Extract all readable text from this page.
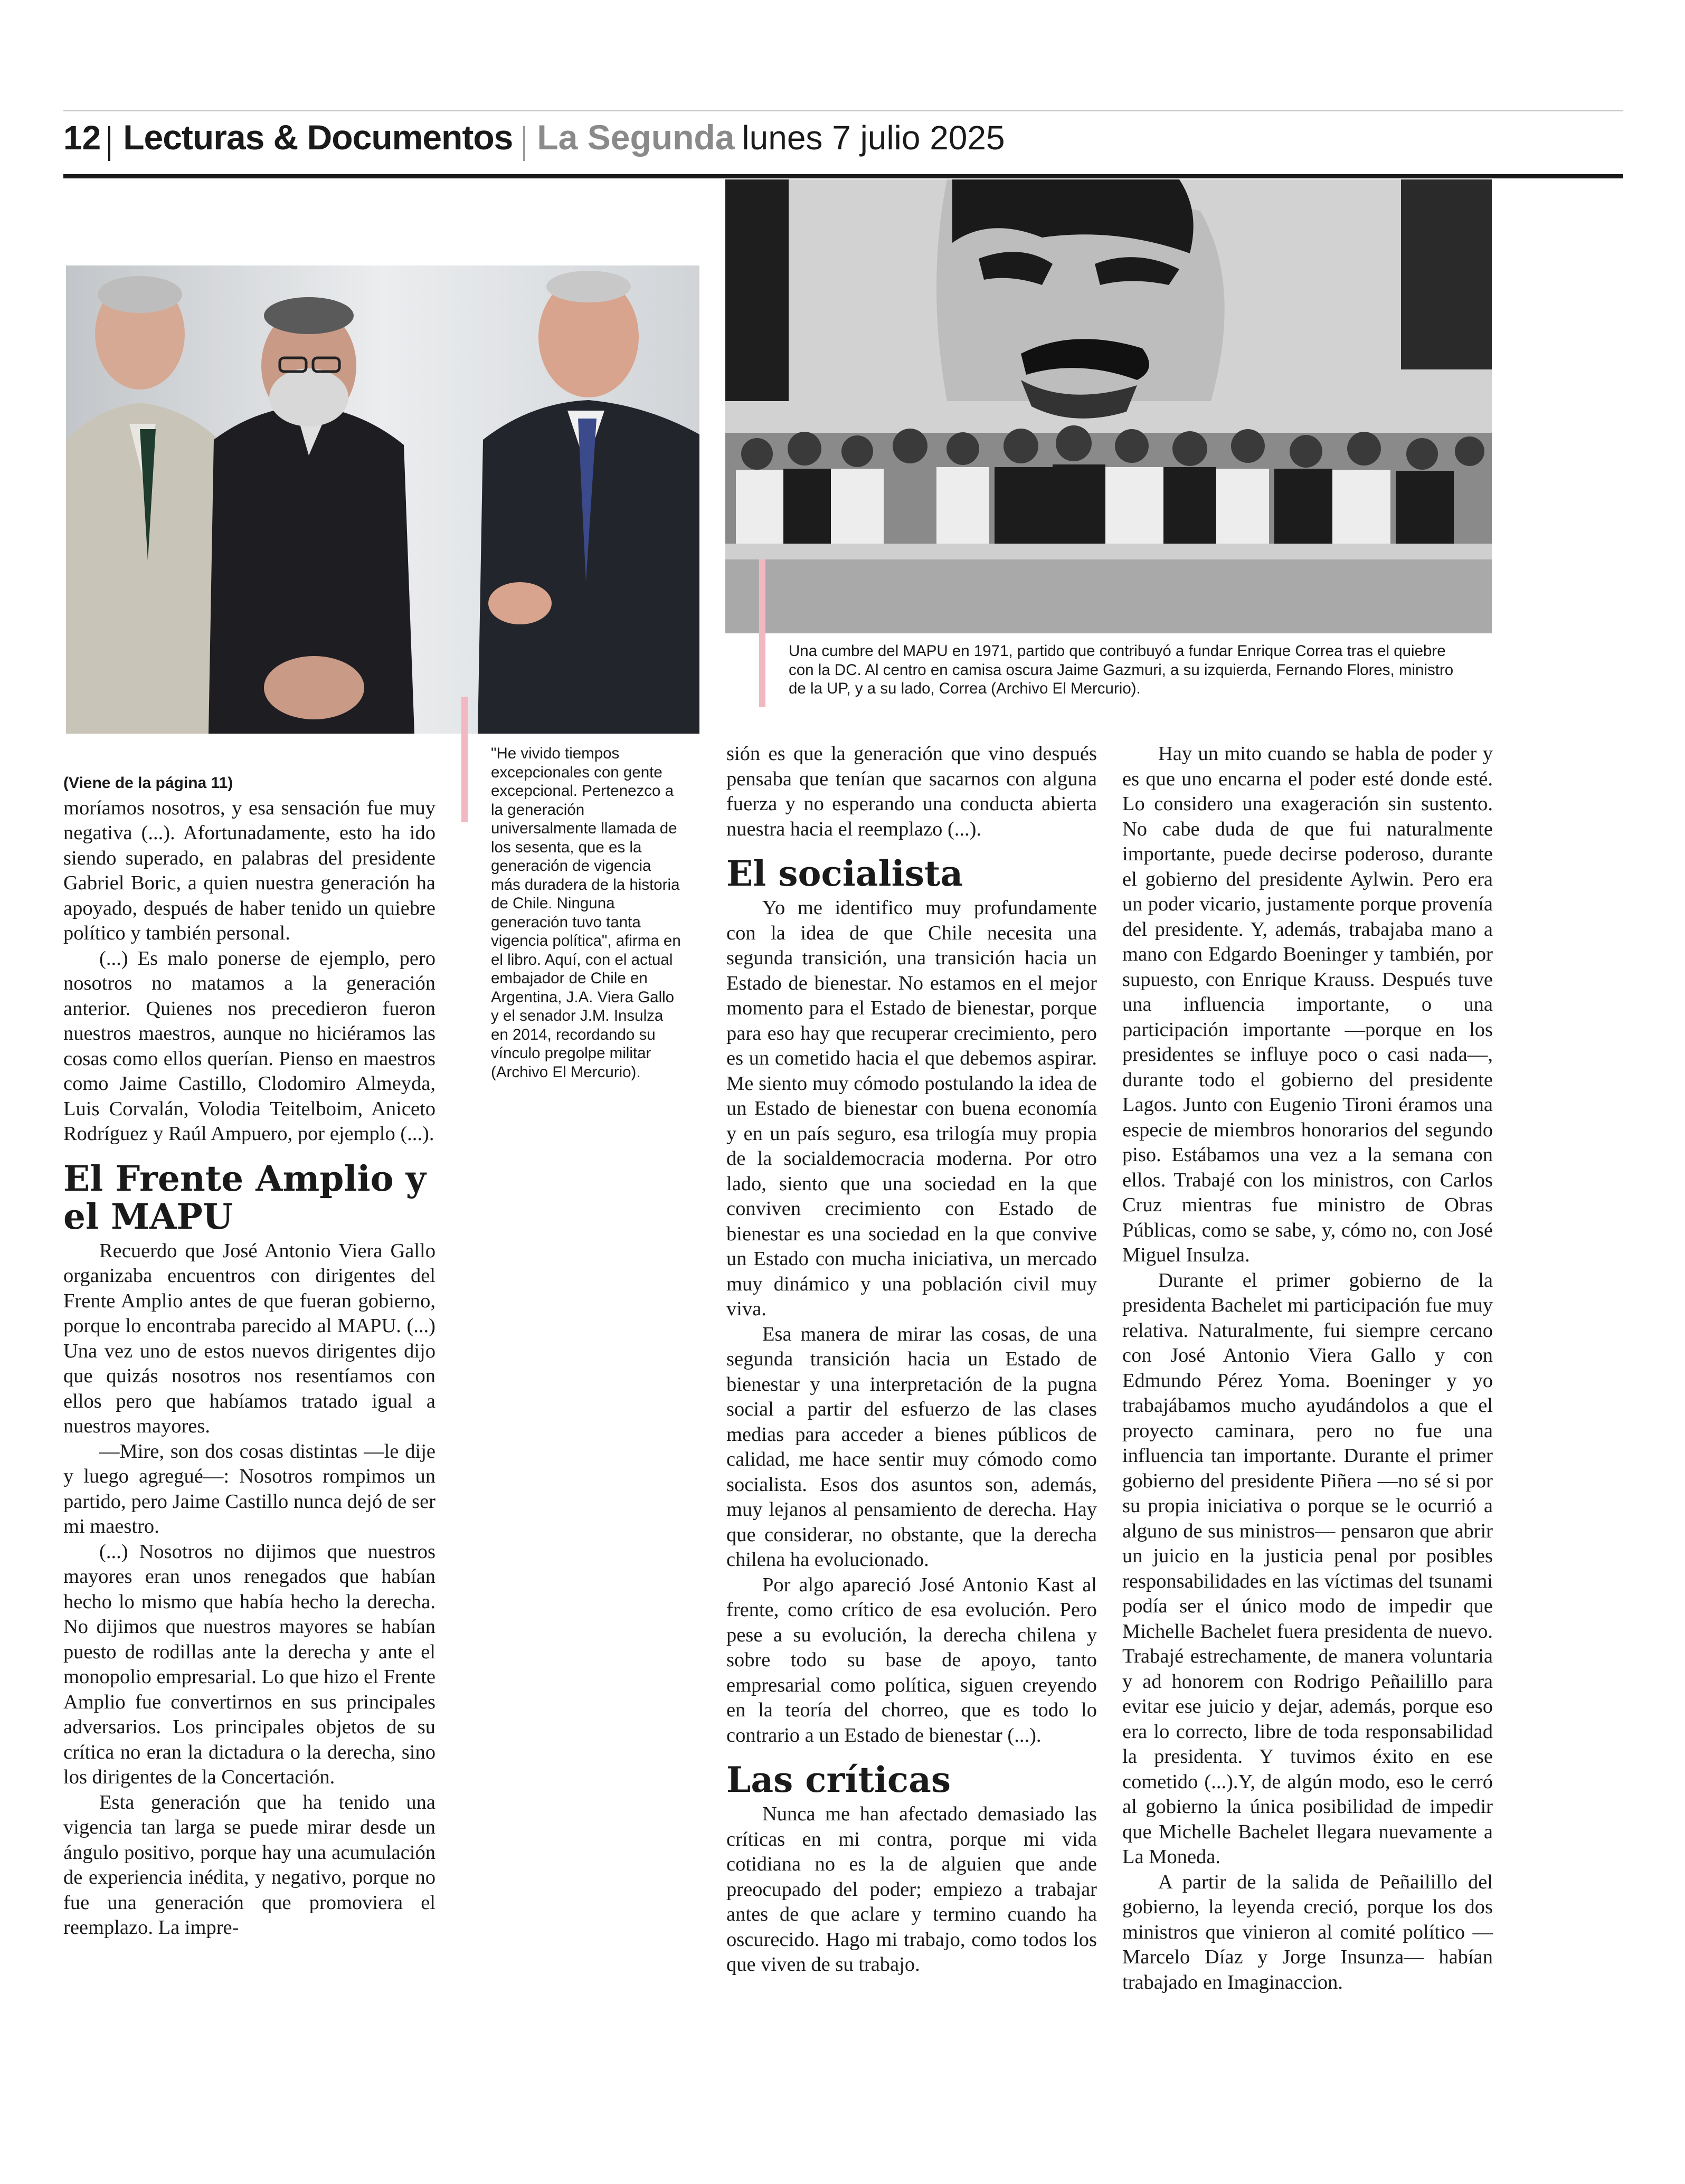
12 Lecturas & Documentos La Segunda lunes 7 julio 2025
"He vivido tiempos excepcionales con gente excepcional. Pertenezco a la generación universalmente llamada de los sesenta, que es la generación de vigencia más duradera de la historia de Chile. Ninguna generación tuvo tanta vigencia política", afirma en el libro. Aquí, con el actual embajador de Chile en Argentina, J.A. Viera Gallo y el senador J.M. Insulza en 2014, recordando su vínculo pregolpe militar (Archivo El Mercurio).
Una cumbre del MAPU en 1971, partido que contribuyó a fundar Enrique Correa tras el quiebre con la DC. Al centro en camisa oscura Jaime Gazmuri, a su izquierda, Fernando Flores, ministro de la UP, y a su lado, Correa (Archivo El Mercurio).

(Viene de la página 11)

moríamos nosotros, y esa sensación fue muy negativa (...). Afortunadamente, esto ha ido siendo superado, en palabras del presidente Gabriel Boric, a quien nuestra generación ha apoyado, después de haber tenido un quiebre político y también personal.

(...) Es malo ponerse de ejemplo, pero nosotros no matamos a la generación anterior. Quienes nos precedieron fueron nuestros maestros, aunque no hiciéramos las cosas como ellos querían. Pienso en maestros como Jaime Castillo, Clodomiro Almeyda, Luis Corvalán, Volodia Teitelboim, Aniceto Rodríguez y Raúl Ampuero, por ejemplo (...).

El Frente Amplio y el MAPU

Recuerdo que José Antonio Viera Gallo organizaba encuentros con dirigentes del Frente Amplio antes de que fueran gobierno, porque lo encontraba parecido al MAPU. (...) Una vez uno de estos nuevos dirigentes dijo que quizás nosotros nos resentíamos con ellos pero que habíamos tratado igual a nuestros mayores.

—Mire, son dos cosas distintas —le dije y luego agregué—: Nosotros rompimos un partido, pero Jaime Castillo nunca dejó de ser mi maestro.

(...) Nosotros no dijimos que nuestros mayores eran unos renegados que habían hecho lo mismo que había hecho la derecha. No dijimos que nuestros mayores se habían puesto de rodillas ante la derecha y ante el monopolio empresarial. Lo que hizo el Frente Amplio fue convertirnos en sus principales adversarios. Los principales objetos de su crítica no eran la dictadura o la derecha, sino los dirigentes de la Concertación.

Esta generación que ha tenido una vigencia tan larga se puede mirar desde un ángulo positivo, porque hay una acumulación de experiencia inédita, y negativo, porque no fue una generación que promoviera el reemplazo. La impre-

sión es que la generación que vino después pensaba que tenían que sacarnos con alguna fuerza y no esperando una conducta abierta nuestra hacia el reemplazo (...).

El socialista

Yo me identifico muy profundamente con la idea de que Chile necesita una segunda transición, una transición hacia un Estado de bienestar. No estamos en el mejor momento para el Estado de bienestar, porque para eso hay que recuperar crecimiento, pero es un cometido hacia el que debemos aspirar. Me siento muy cómodo postulando la idea de un Estado de bienestar con buena economía y en un país seguro, esa trilogía muy propia de la socialdemocracia moderna. Por otro lado, siento que una sociedad en la que conviven crecimiento con Estado de bienestar es una sociedad en la que convive un Estado con mucha iniciativa, un mercado muy dinámico y una población civil muy viva.

Esa manera de mirar las cosas, de una segunda transición hacia un Estado de bienestar y una interpretación de la pugna social a partir del esfuerzo de las clases medias para acceder a bienes públicos de calidad, me hace sentir muy cómodo como socialista. Esos dos asuntos son, además, muy lejanos al pensamiento de derecha. Hay que considerar, no obstante, que la derecha chilena ha evolucionado.

Por algo apareció José Antonio Kast al frente, como crítico de esa evolución. Pero pese a su evolución, la derecha chilena y sobre todo su base de apoyo, tanto empresarial como política, siguen creyendo en la teoría del chorreo, que es todo lo contrario a un Estado de bienestar (...).

Las críticas

Nunca me han afectado demasiado las críticas en mi contra, porque mi vida cotidiana no es la de alguien que ande preocupado del poder; empiezo a trabajar antes de que aclare y termino cuando ha oscurecido. Hago mi trabajo, como todos los que viven de su trabajo.

Hay un mito cuando se habla de poder y es que uno encarna el poder esté donde esté. Lo considero una exageración sin sustento. No cabe duda de que fui naturalmente importante, puede decirse poderoso, durante el gobierno del presidente Aylwin. Pero era un poder vicario, justamente porque provenía del presidente. Y, además, trabajaba mano a mano con Edgardo Boeninger y también, por supuesto, con Enrique Krauss. Después tuve una influencia importante, o una participación importante —porque en los presidentes se influye poco o casi nada—, durante todo el gobierno del presidente Lagos. Junto con Eugenio Tironi éramos una especie de miembros honorarios del segundo piso. Estábamos una vez a la semana con ellos. Trabajé con los ministros, con Carlos Cruz mientras fue ministro de Obras Públicas, como se sabe, y, cómo no, con José Miguel Insulza.

Durante el primer gobierno de la presidenta Bachelet mi participación fue muy relativa. Naturalmente, fui siempre cercano con José Antonio Viera Gallo y con Edmundo Pérez Yoma. Boeninger y yo trabajábamos mucho ayudándolos a que el proyecto caminara, pero no fue una influencia tan importante. Durante el primer gobierno del presidente Piñera —no sé si por su propia iniciativa o porque se le ocurrió a alguno de sus ministros— pensaron que abrir un juicio en la justicia penal por posibles responsabilidades en las víctimas del tsunami podía ser el único modo de impedir que Michelle Bachelet fuera presidenta de nuevo. Trabajé estrechamente, de manera voluntaria y ad honorem con Rodrigo Peñailillo para evitar ese juicio y dejar, además, porque eso era lo correcto, libre de toda responsabilidad la presidenta. Y tuvimos éxito en ese cometido (...).Y, de algún modo, eso le cerró al gobierno la única posibilidad de impedir que Michelle Bachelet llegara nuevamente a La Moneda.

A partir de la salida de Peñailillo del gobierno, la leyenda creció, porque los dos ministros que vinieron al comité político —Marcelo Díaz y Jorge Insunza— habían trabajado en Imaginaccion.
